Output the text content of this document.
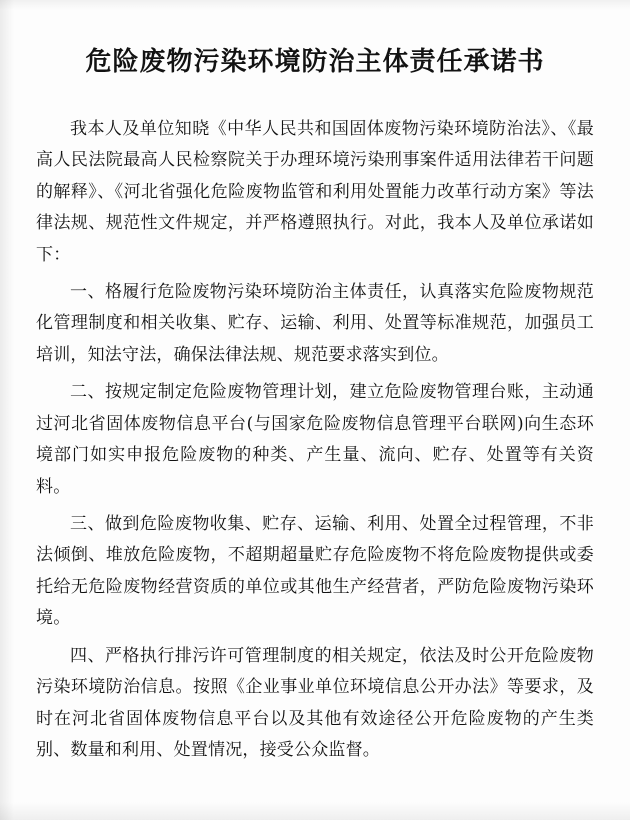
危险废物污染环境防治主体责任承诺书

我本人及单位知晓《中华人民共和国固体废物污染环境防治法》、《最高人民法院最高人民检察院关于办理环境污染刑事案件适用法律若干问题的解释》、《河北省强化危险废物监管和利用处置能力改革行动方案》等法律法规、规范性文件规定，并严格遵照执行。对此，我本人及单位承诺如下：

一、格履行危险废物污染环境防治主体责任，认真落实危险废物规范化管理制度和相关收集、贮存、运输、利用、处置等标准规范，加强员工培训，知法守法，确保法律法规、规范要求落实到位。

二、按规定制定危险废物管理计划，建立危险废物管理台账，主动通过河北省固体废物信息平台(与国家危险废物信息管理平台联网)向生态环境部门如实申报危险废物的种类、产生量、流向、贮存、处置等有关资料。

三、做到危险废物收集、贮存、运输、利用、处置全过程管理，不非法倾倒、堆放危险废物，不超期超量贮存危险废物不将危险废物提供或委托给无危险废物经营资质的单位或其他生产经营者，严防危险废物污染环境。

四、严格执行排污许可管理制度的相关规定，依法及时公开危险废物污染环境防治信息。按照《企业事业单位环境信息公开办法》等要求，及时在河北省固体废物信息平台以及其他有效途径公开危险废物的产生类别、数量和利用、处置情况，接受公众监督。
